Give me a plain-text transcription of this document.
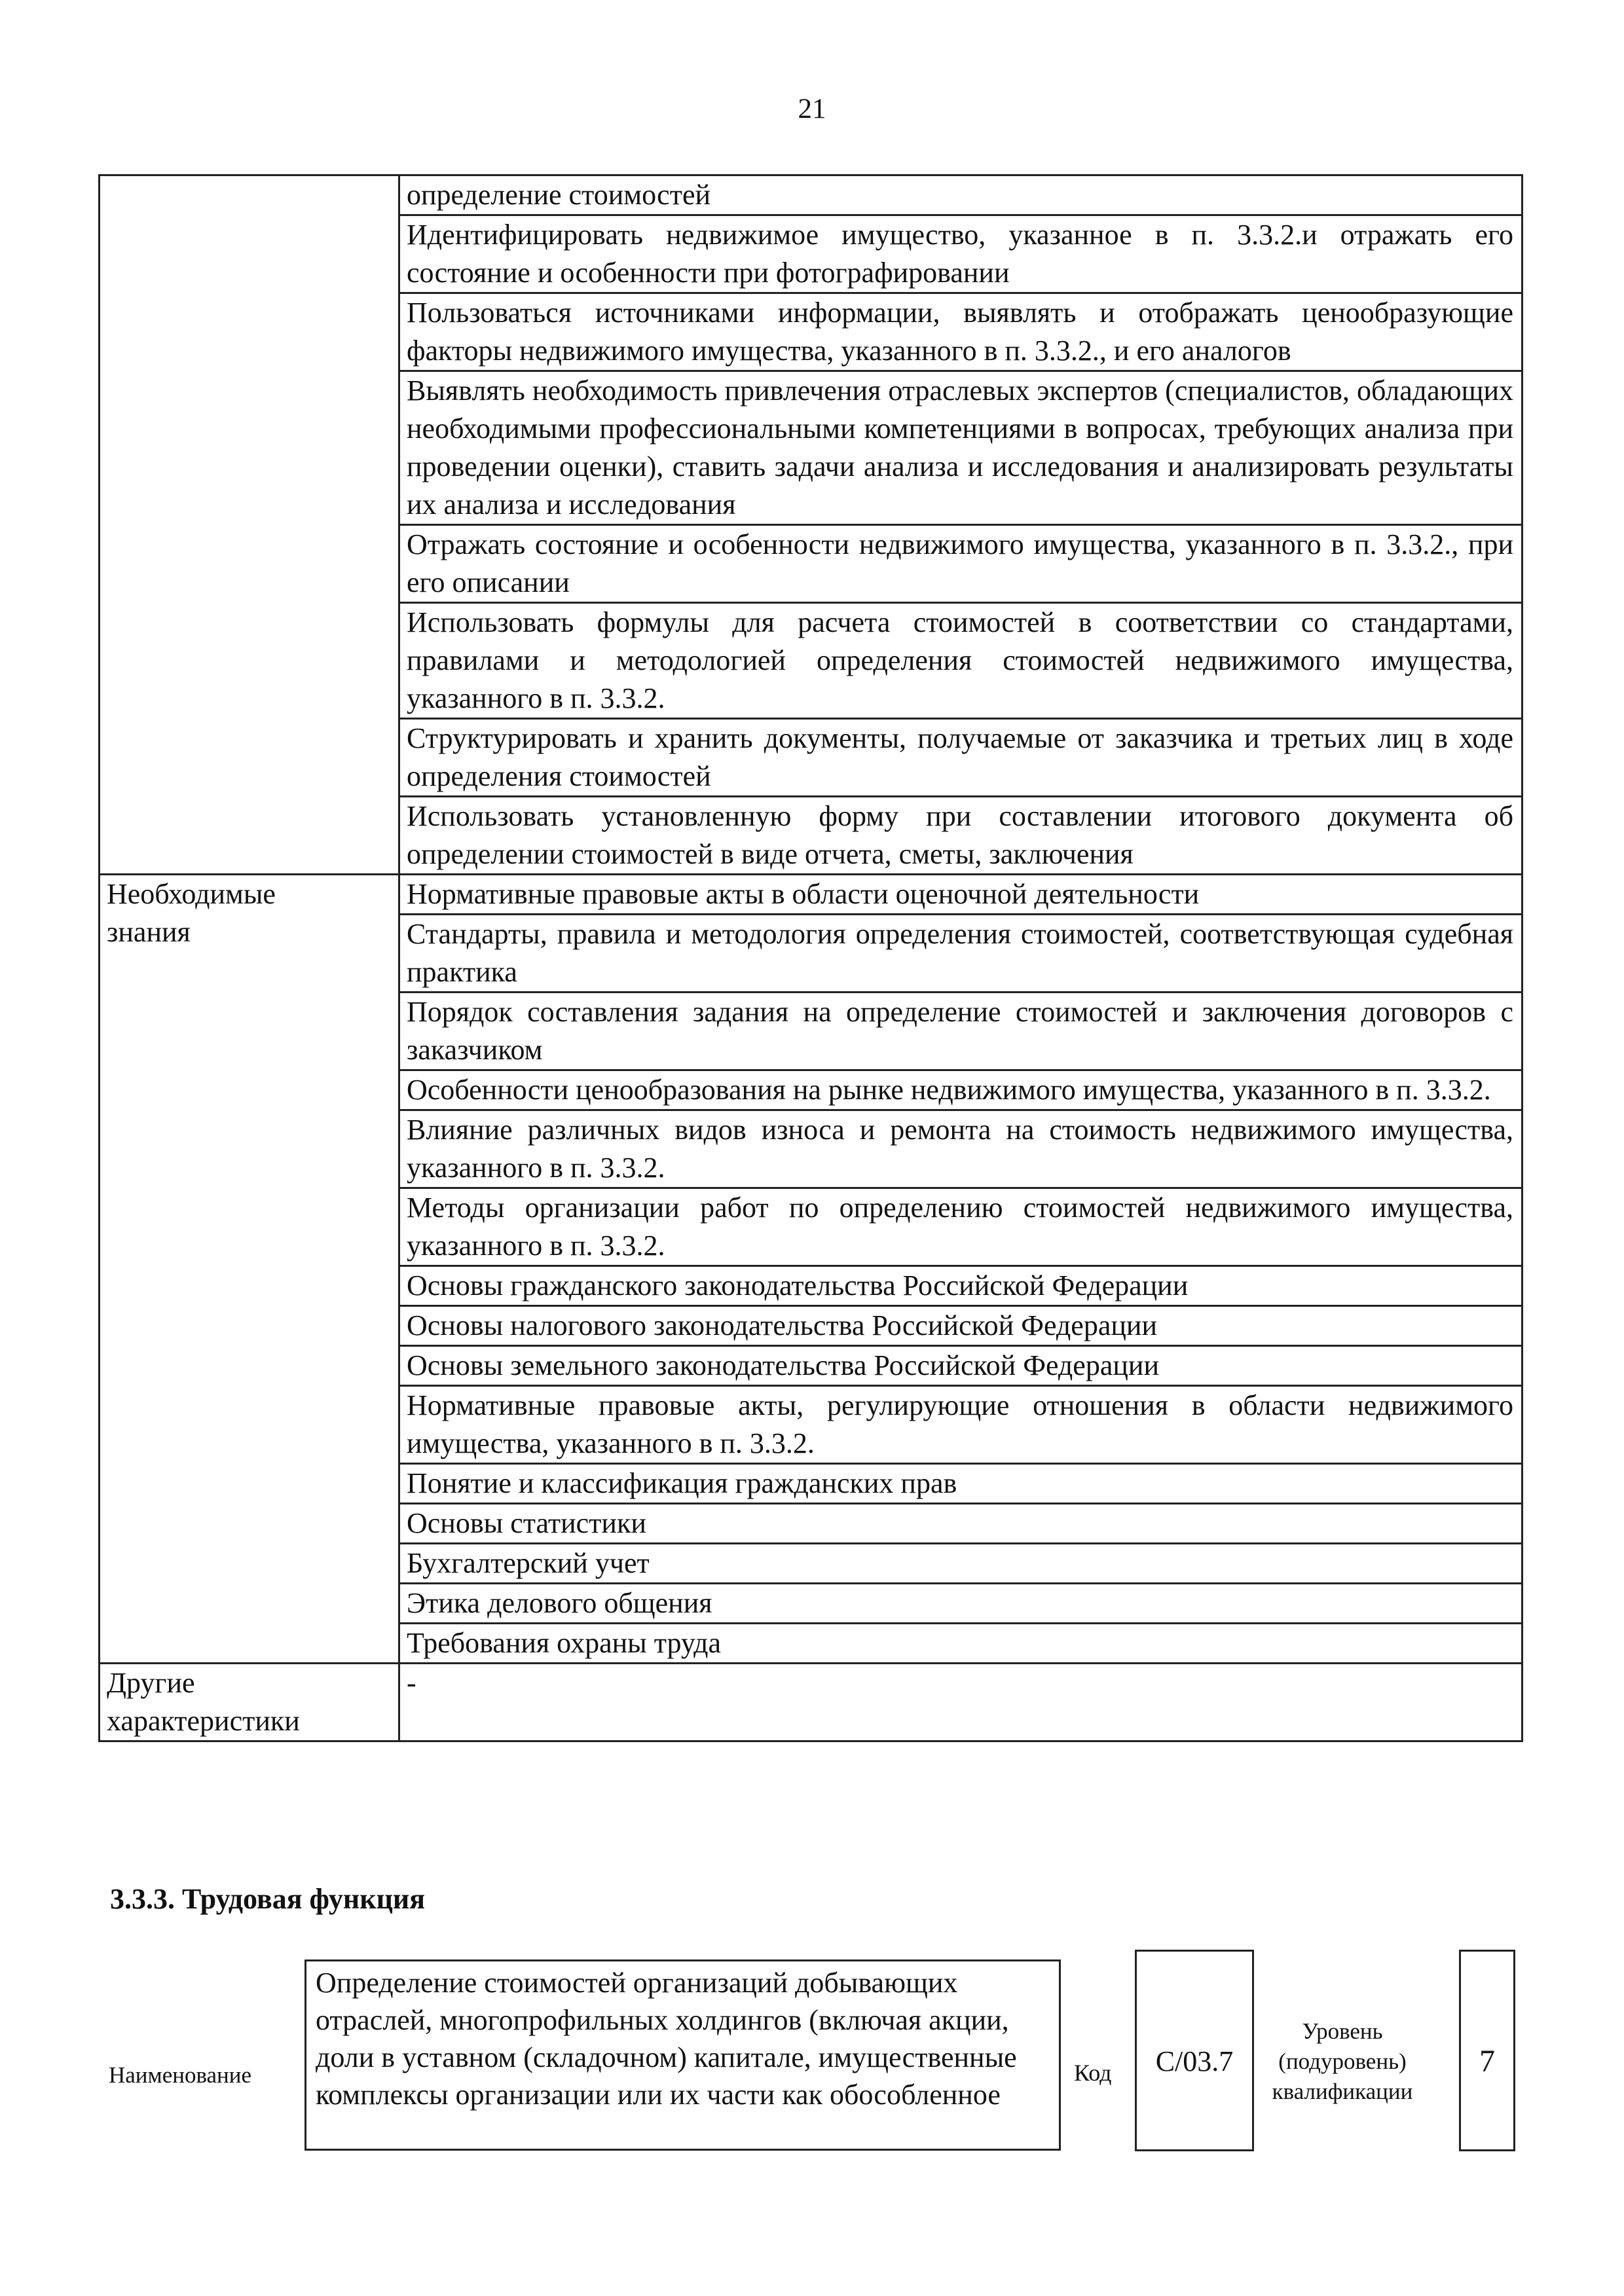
21
	определение стоимостей
	Идентифицировать недвижимое имущество, указанное в п. 3.3.2.и отражать его состояние и особенности при фотографировании
	Пользоваться источниками информации, выявлять и отображать ценообразующие факторы недвижимого имущества, указанного в п. 3.3.2., и его аналогов
	Выявлять необходимость привлечения отраслевых экспертов (специалистов, обладающих необходимыми профессиональными компетенциями в вопросах, требующих анализа при проведении оценки), ставить задачи анализа и исследования и анализировать результаты их анализа и исследования
	Отражать состояние и особенности недвижимого имущества, указанного в п. 3.3.2., при его описании
	Использовать формулы для расчета стоимостей в соответствии со стандартами, правилами и методологией определения стоимостей недвижимого имущества, указанного в п. 3.3.2.
	Структурировать и хранить документы, получаемые от заказчика и третьих лиц в ходе определения стоимостей
	Использовать установленную форму при составлении итогового документа об определении стоимостей в виде отчета, сметы, заключения
Необходимые
знания	Нормативные правовые акты в области оценочной деятельности
	Стандарты, правила и методология определения стоимостей, соответствующая судебная практика
	Порядок составления задания на определение стоимостей и заключения договоров с заказчиком
	Особенности ценообразования на рынке недвижимого имущества, указанного в п. 3.3.2.
	Влияние различных видов износа и ремонта на стоимость недвижимого имущества, указанного в п. 3.3.2.
	Методы организации работ по определению стоимостей недвижимого имущества, указанного в п. 3.3.2.
	Основы гражданского законодательства Российской Федерации
	Основы налогового законодательства Российской Федерации
	Основы земельного законодательства Российской Федерации
	Нормативные правовые акты, регулирующие отношения в области недвижимого имущества, указанного в п. 3.3.2.
	Понятие и классификация гражданских прав
	Основы статистики
	Бухгалтерский учет
	Этика делового общения
	Требования охраны труда
Другие
характеристики	-
3.3.3. Трудовая функция
Наименование
Определение стоимостей организаций добывающих отраслей, многопрофильных холдингов (включая акции, доли в уставном (складочном) капитале, имущественные комплексы организации или их части как обособленное
Код	C/03.7
Уровень
(подуровень)
квалификации
7
